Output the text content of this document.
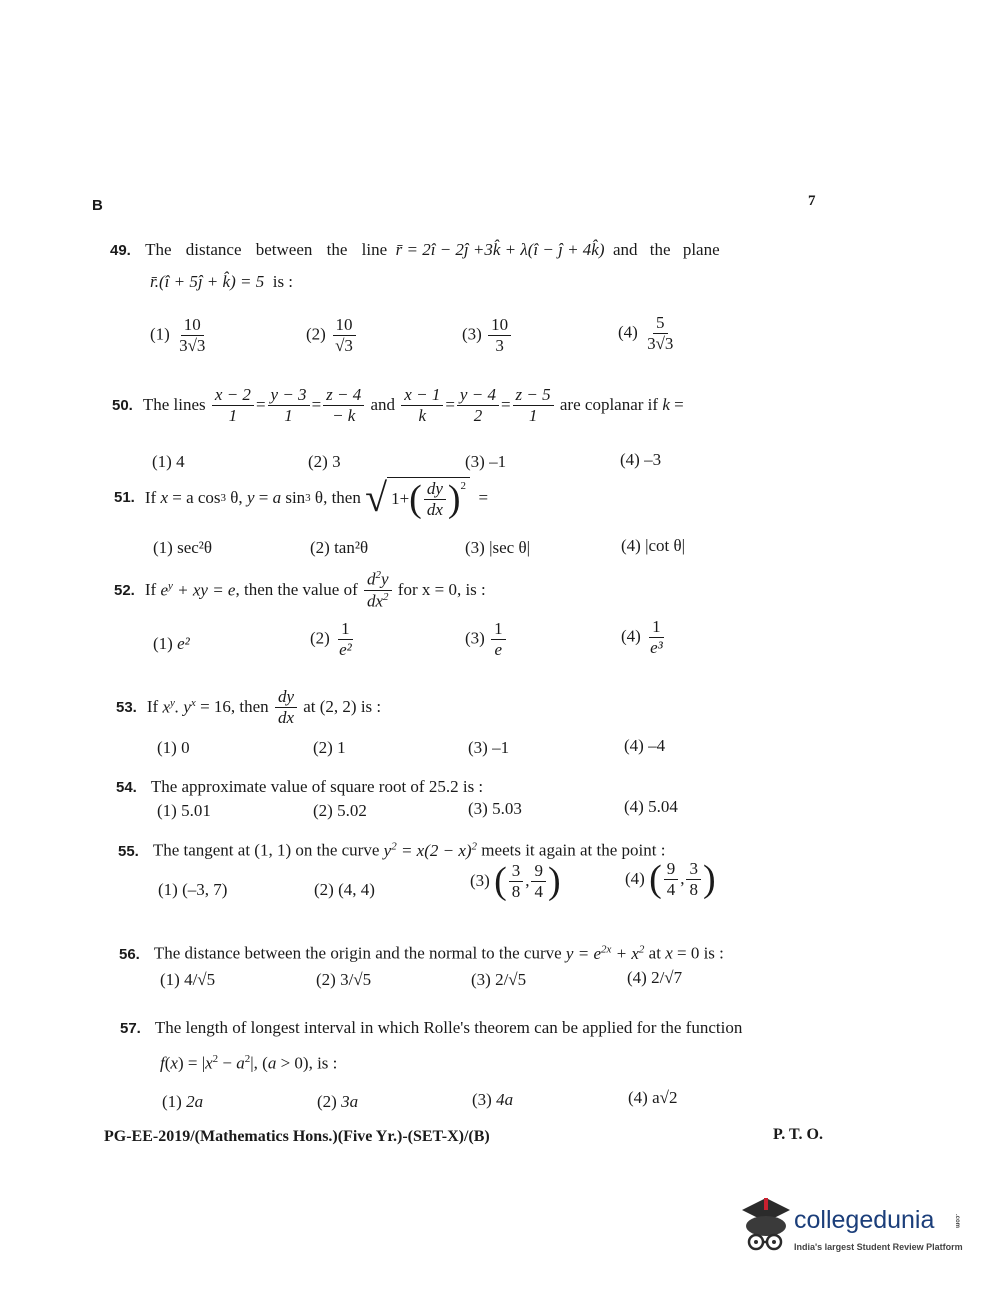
B	7
49. The distance between the line  r̄ = 2î − 2ĵ +3k̂ + λ(î − ĵ + 4k̂)  and the plane
r̄.(î + 5ĵ + k̂) = 5  is :
$(1) \frac{10}{3√3}$	$(2) \frac{10}{√3}$	$(3) \frac{10}{3}$	$(4) \frac{5}{3√3}$
50. The lines
$\frac{x - 2}{1} = \frac{y - 3}{1} = \frac{z - 4}{- k}$
and
$\frac{x - 1}{k} = \frac{y - 4}{2} = \frac{z - 5}{1}$
are coplanar if
k =
(1) 4	(2) 3	(3) –1	(4) –3
51. If
x = a cos 3 θ, y = a sin 3 θ , then
√ 1+ ( $\frac{dy}{dx} )^2$
=
(1) sec²θ	(2) tan²θ	(3) |sec θ|	(4) |cot θ|
52. If
$e^y$ + xy = e , then the value of
$\frac{d^2y}{dx^2}$
for x = 0, is :
(1) e²	$(2) \frac{1}{\text{e²}}$	$(3) \frac{1}{e}$	$(4) \frac{1}{\text{e³}}$
53. If
$x^y$. $y^x = 16$ , then
$\frac{dy}{dx}$
at (2, 2) is :
(1) 0	(2) 1	(3) –1	(4) –4
54. The approximate value of square root of 25.2 is :
(1) 5.01	(2) 5.02	(3) 5.03	(4) 5.04
55. The tangent at (1, 1) on the curve $y^2 = x(2 - x)^2$ meets it again at the point :
(1) (–3, 7)	(2) (4, 4)	(3)
( $\frac{3}{8}$ , $\frac{9}{4}$ )	(4)
( $\frac{9}{4}$ , $\frac{3}{8}$ )
56. The distance between the origin and the normal to the curve $y = e^{2x} + x^2$ at x = 0 is :
(1) 4/√5	(2) 3/√5	(3) 2/√5	(4) 2/√7
57. The length of longest interval in which Rolle's theorem can be applied for the function
$f(x) = |x^2 - a^2|$, (a > 0), is :
(1) 2a	(2) 3a	(3) 4a	(4) a√2
PG-EE-2019/(Mathematics Hons.)(Five Yr.)-(SET-X)/(B)	P. T. O.
collegedunia	.com
India's largest Student Review Platform
